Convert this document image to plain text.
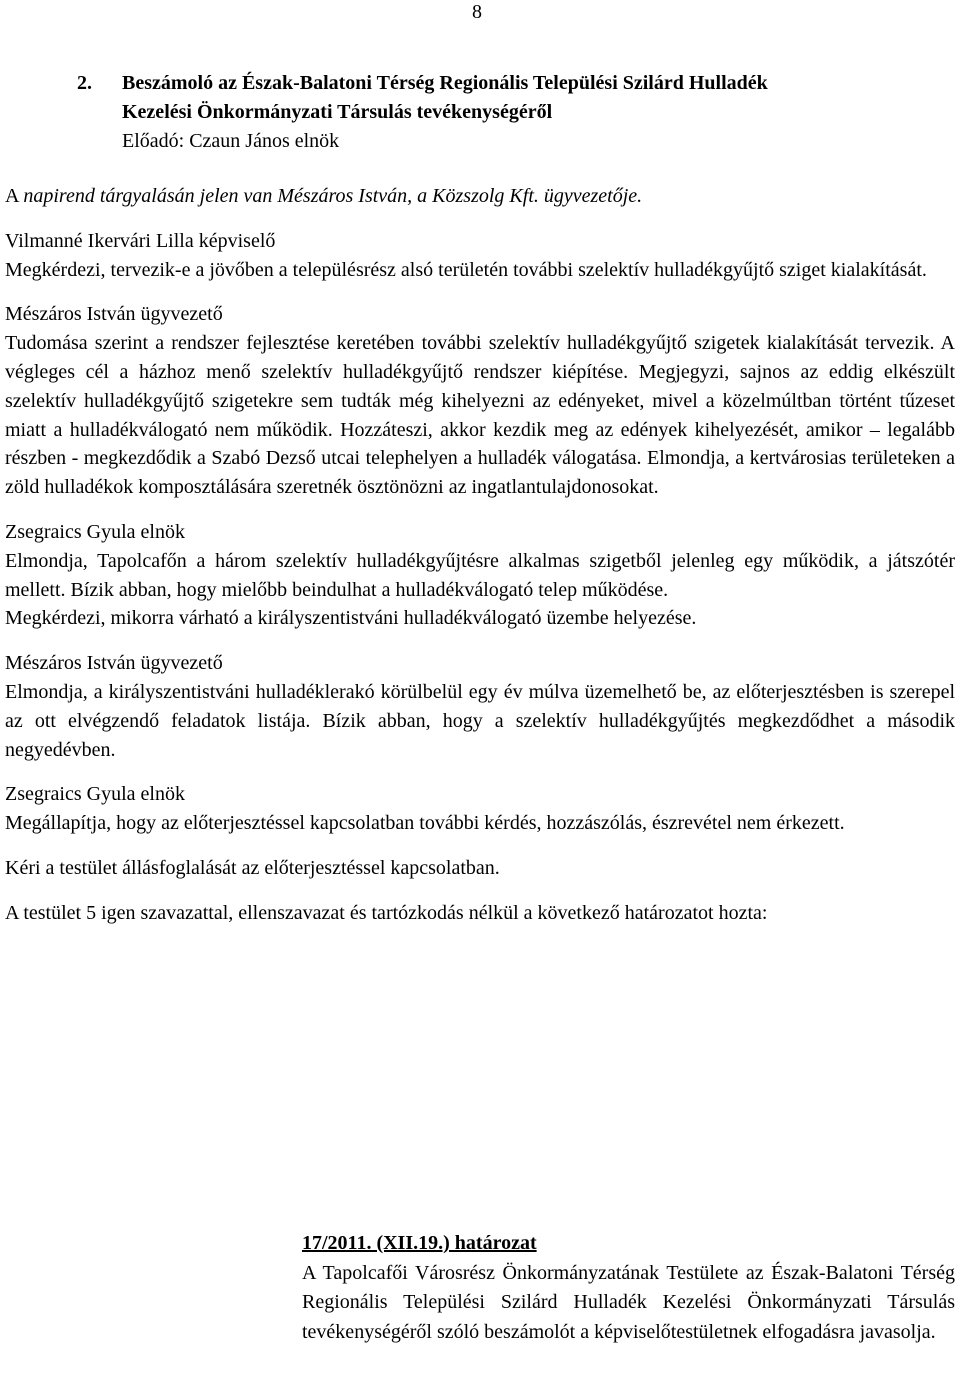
8
2. Beszámoló az Észak-Balatoni Térség Regionális Települési Szilárd Hulladék
Kezelési Önkormányzati Társulás tevékenységéről
Előadó: Czaun János elnök

A napirend tárgyalásán jelen van Mészáros István, a Közszolg Kft. ügyvezetője.

Vilmanné Ikervári Lilla képviselő

Megkérdezi, tervezik-e a jövőben a településrész alsó területén további szelektív hulladékgyűjtő sziget kialakítását.

Mészáros István ügyvezető

Tudomása szerint a rendszer fejlesztése keretében további szelektív hulladékgyűjtő szigetek kialakítását tervezik. A végleges cél a házhoz menő szelektív hulladékgyűjtő rendszer kiépítése. Megjegyzi, sajnos az eddig elkészült szelektív hulladékgyűjtő szigetekre sem tudták még kihelyezni az edényeket, mivel a közelmúltban történt tűzeset miatt a hulladékválogató nem működik. Hozzáteszi, akkor kezdik meg az edények kihelyezését, amikor – legalább részben - megkezdődik a Szabó Dezső utcai telephelyen a hulladék válogatása. Elmondja, a kertvárosias területeken a zöld hulladékok komposztálására szeretnék ösztönözni az ingatlantulajdonosokat.

Zsegraics Gyula elnök

Elmondja, Tapolcafőn a három szelektív hulladékgyűjtésre alkalmas szigetből jelenleg egy működik, a játszótér mellett. Bízik abban, hogy mielőbb beindulhat a hulladékválogató telep működése.

Megkérdezi, mikorra várható a királyszentistváni hulladékválogató üzembe helyezése.

Mészáros István ügyvezető

Elmondja, a királyszentistváni hulladéklerakó körülbelül egy év múlva üzemelhető be, az előterjesztésben is szerepel az ott elvégzendő feladatok listája. Bízik abban, hogy a szelektív hulladékgyűjtés megkezdődhet a második negyedévben.

Zsegraics Gyula elnök

Megállapítja, hogy az előterjesztéssel kapcsolatban további kérdés, hozzászólás, észrevétel nem érkezett.

Kéri a testület állásfoglalását az előterjesztéssel kapcsolatban.

A testület 5 igen szavazattal, ellenszavazat és tartózkodás nélkül a következő határozatot hozta:

17/2011. (XII.19.) határozat

A Tapolcafői Városrész Önkormányzatának Testülete az Észak-Balatoni Térség Regionális Települési Szilárd Hulladék Kezelési Önkormányzati Társulás tevékenységéről szóló beszámolót a képviselőtestületnek elfogadásra javasolja.
